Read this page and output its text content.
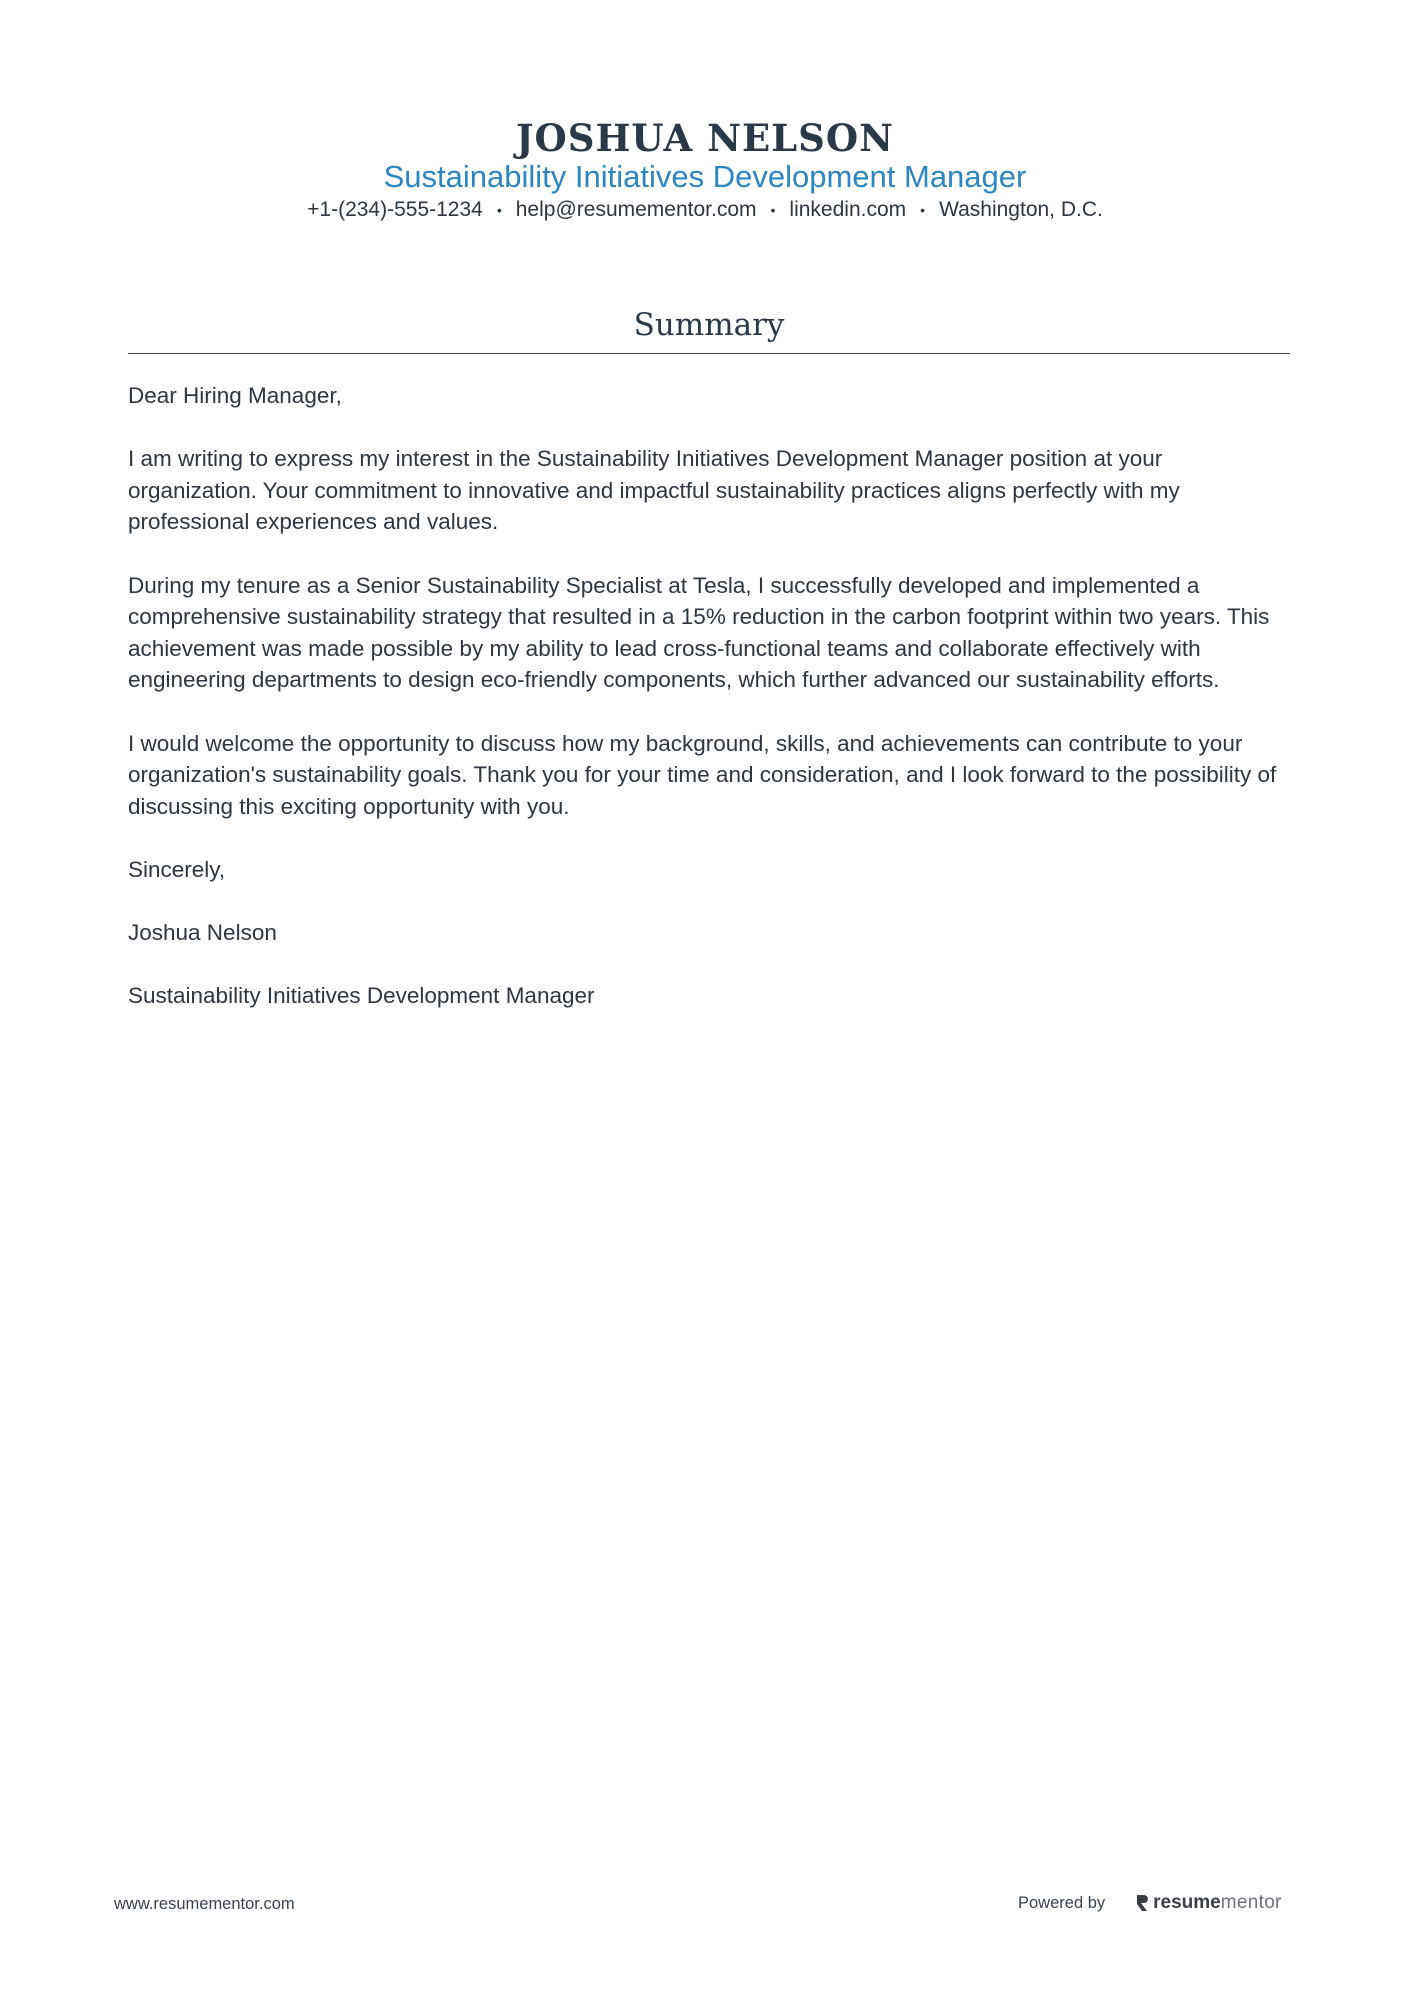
JOSHUA NELSON
Sustainability Initiatives Development Manager
+1-(234)-555-1234 • help@resumementor.com • linkedin.com • Washington, D.C.
Summary

Dear Hiring Manager,

I am writing to express my interest in the Sustainability Initiatives Development Manager position at your organization. Your commitment to innovative and impactful sustainability practices aligns perfectly with my professional experiences and values.

During my tenure as a Senior Sustainability Specialist at Tesla, I successfully developed and implemented a comprehensive sustainability strategy that resulted in a 15% reduction in the carbon footprint within two years. This achievement was made possible by my ability to lead cross-functional teams and collaborate effectively with engineering departments to design eco-friendly components, which further advanced our sustainability efforts.

I would welcome the opportunity to discuss how my background, skills, and achievements can contribute to your organization's sustainability goals. Thank you for your time and consideration, and I look forward to the possibility of discussing this exciting opportunity with you.

Sincerely,

Joshua Nelson

Sustainability Initiatives Development Manager

www.resumementor.com	Powered by	resume mentor
